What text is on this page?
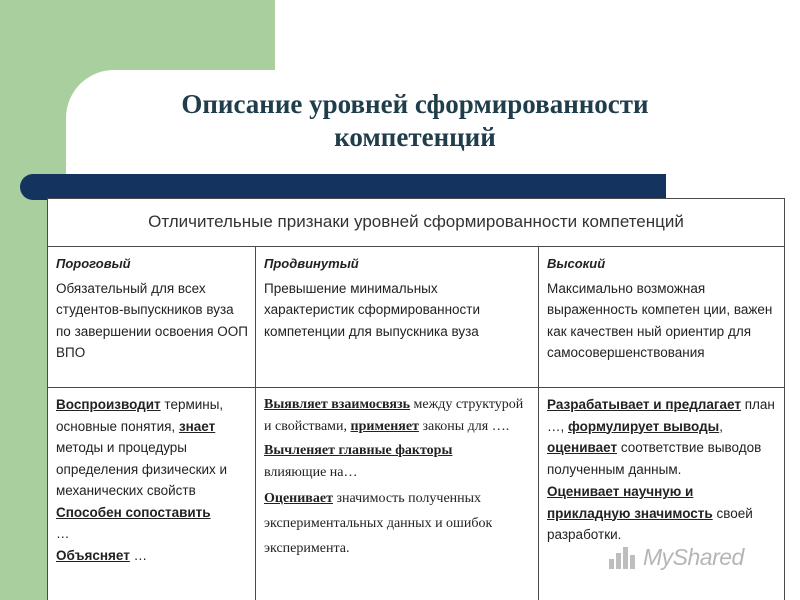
Описание уровней сформированности
компетенций
Отличительные признаки уровней сформированности компетенций
Пороговый
Обязательный для всех студентов-выпускников вуза по завершении освоения ООП ВПО
Продвинутый
Превышение минимальных характеристик сформированности компетенции для выпускника вуза
Высокий
Максимально возможная выраженность компетен ции, важен как качествен ный ориентир для самосовершенствования
Воспроизводит термины, основные понятия, знает методы и процедуры определения физических и механических свойств
Способен сопоставить
…
Объясняет …
Выявляет взаимосвязь между структурой и свойствами, применяет законы для ….
Вычленяет главные факторы
влияющие на…
Оценивает значимость полученных экспериментальных данных и ошибок эксперимента.
Разрабатывает и предлагает план …, формулирует выводы, оценивает соответствие выводов полученным данным.
Оценивает научную и прикладную значимость своей разработки.
MyShared
